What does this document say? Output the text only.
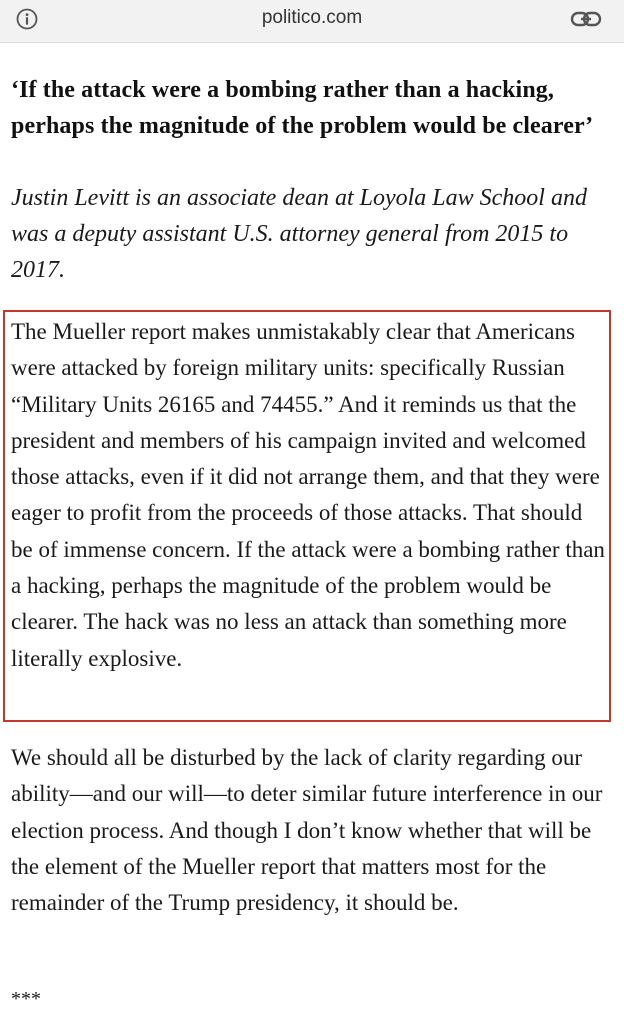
politico.com
‘If the attack were a bombing rather than a hacking, perhaps the magnitude of the problem would be clearer’

Justin Levitt is an associate dean at Loyola Law School and was a deputy assistant U.S. attorney general from 2015 to 2017.

The Mueller report makes unmistakably clear that Americans were attacked by foreign military units: specifically Russian “Military Units 26165 and 74455.” And it reminds us that the president and members of his campaign invited and welcomed those attacks, even if it did not arrange them, and that they were eager to profit from the proceeds of those attacks. That should be of immense concern. If the attack were a bombing rather than a hacking, perhaps the magnitude of the problem would be clearer. The hack was no less an attack than something more literally explosive.

We should all be disturbed by the lack of clarity regarding our ability—and our will—to deter similar future interference in our election process. And though I don’t know whether that will be the element of the Mueller report that matters most for the remainder of the Trump presidency, it should be.

***
